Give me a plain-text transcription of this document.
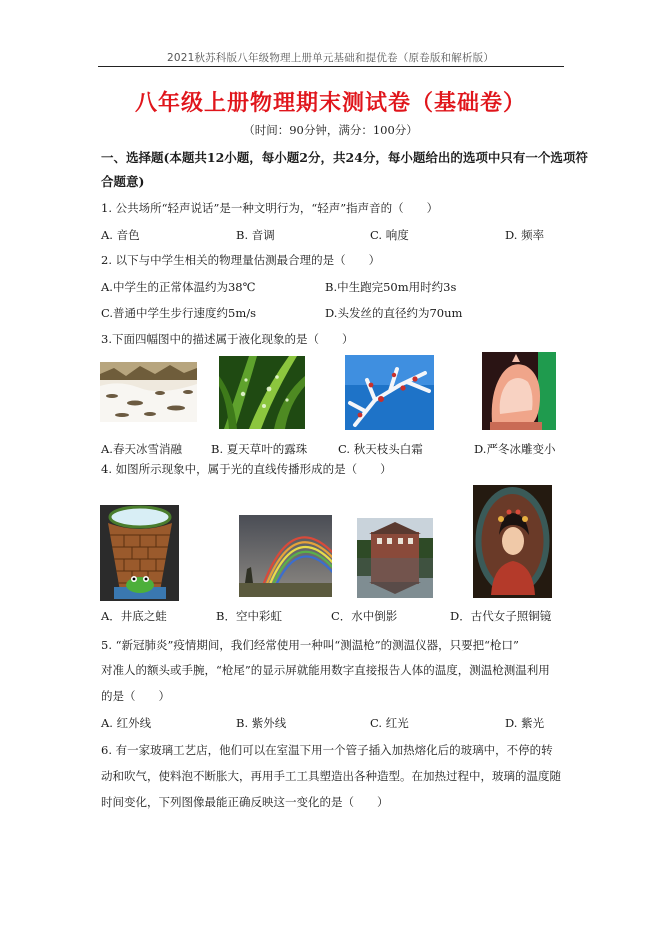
2021秋苏科版八年级物理上册单元基础和提优卷（原卷版和解析版）
八年级上册物理期末测试卷（基础卷）
（时间：90分钟，满分：100分）
一、选择题(本题共12小题，每小题2分，共24分，每小题给出的选项中只有一个选项符
合题意)
1. 公共场所“轻声说话”是一种文明行为，“轻声”指声音的（　　）
A. 音色	B. 音调	C. 响度	D. 频率
2. 以下与中学生相关的物理量估测最合理的是（　　）
A.中学生的正常体温约为38℃	B.中生跑完50m用时约3s
C.普通中学生步行速度约5m/s	D.头发丝的直径约为70um
3.下面四幅图中的描述属于液化现象的是（　　）
A.春天冰雪消融	B. 夏天草叶的露珠	C. 秋天枝头白霜	D.严冬冰雕变小
4. 如图所示现象中，属于光的直线传播形成的是（　　）
A．井底之蛙	B．空中彩虹	C．水中倒影	D．古代女子照铜镜
5. “新冠肺炎”疫情期间，我们经常使用一种叫“测温枪”的测温仪器，只要把“枪口”
对准人的额头或手腕，“枪尾”的显示屏就能用数字直接报告人体的温度，测温枪测温利用
的是（　　）
A. 红外线	B. 紫外线	C. 红光	D. 紫光
6. 有一家玻璃工艺店，他们可以在室温下用一个管子插入加热熔化后的玻璃中，不停的转
动和吹气，使料泡不断胀大，再用手工工具塑造出各种造型。在加热过程中，玻璃的温度随
时间变化，下列图像最能正确反映这一变化的是（　　）
